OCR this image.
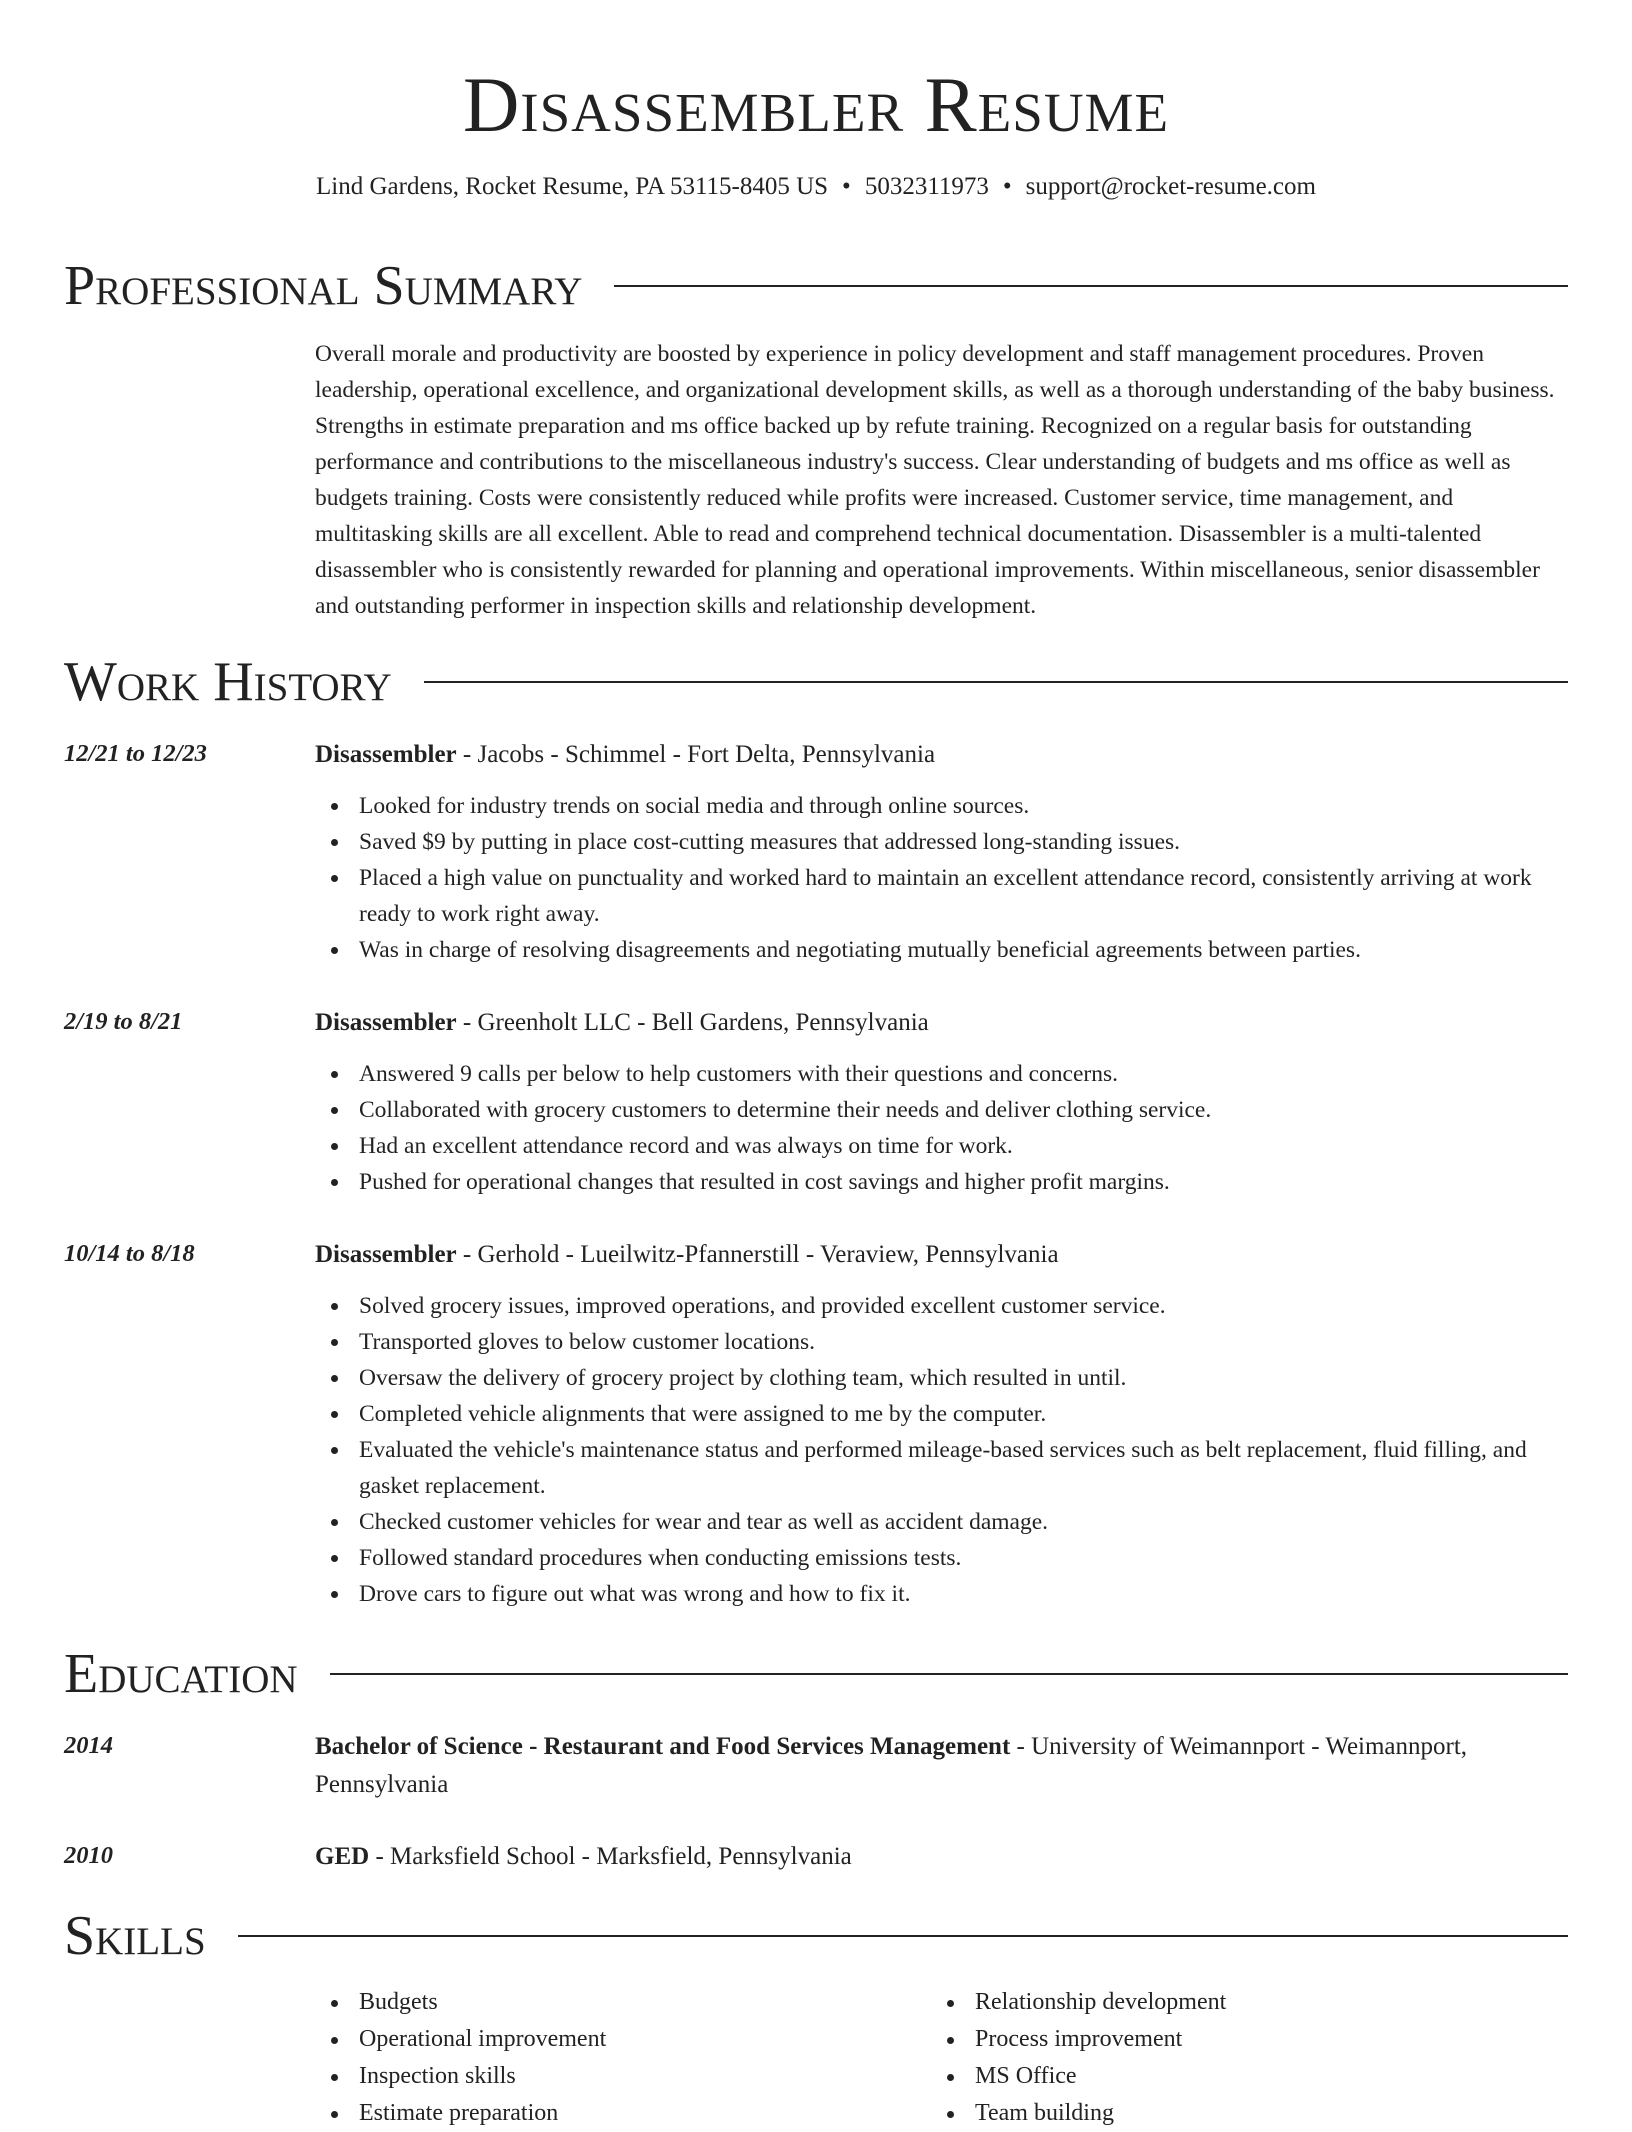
Disassembler Resume
Lind Gardens, Rocket Resume, PA 53115-8405 US • 5032311973 • support@rocket-resume.com
Professional Summary

Overall morale and productivity are boosted by experience in policy development and staff management procedures. Proven leadership, operational excellence, and organizational development skills, as well as a thorough understanding of the baby business. Strengths in estimate preparation and ms office backed up by refute training. Recognized on a regular basis for outstanding performance and contributions to the miscellaneous industry's success. Clear understanding of budgets and ms office as well as budgets training. Costs were consistently reduced while profits were increased. Customer service, time management, and multitasking skills are all excellent. Able to read and comprehend technical documentation. Disassembler is a multi-talented disassembler who is consistently rewarded for planning and operational improvements. Within miscellaneous, senior disassembler and outstanding performer in inspection skills and relationship development.

Work History
12/21 to 12/23	Disassembler - Jacobs - Schimmel - Fort Delta, Pennsylvania
Looked for industry trends on social media and through online sources.
Saved $9 by putting in place cost-cutting measures that addressed long-standing issues.
Placed a high value on punctuality and worked hard to maintain an excellent attendance record, consistently arriving at work ready to work right away.
Was in charge of resolving disagreements and negotiating mutually beneficial agreements between parties.
2/19 to 8/21	Disassembler - Greenholt LLC - Bell Gardens, Pennsylvania
Answered 9 calls per below to help customers with their questions and concerns.
Collaborated with grocery customers to determine their needs and deliver clothing service.
Had an excellent attendance record and was always on time for work.
Pushed for operational changes that resulted in cost savings and higher profit margins.
10/14 to 8/18	Disassembler - Gerhold - Lueilwitz-Pfannerstill - Veraview, Pennsylvania
Solved grocery issues, improved operations, and provided excellent customer service.
Transported gloves to below customer locations.
Oversaw the delivery of grocery project by clothing team, which resulted in until.
Completed vehicle alignments that were assigned to me by the computer.
Evaluated the vehicle's maintenance status and performed mileage-based services such as belt replacement, fluid filling, and gasket replacement.
Checked customer vehicles for wear and tear as well as accident damage.
Followed standard procedures when conducting emissions tests.
Drove cars to figure out what was wrong and how to fix it.
Education
2014	Bachelor of Science - Restaurant and Food Services Management - University of Weimannport - Weimannport, Pennsylvania
2010	GED - Marksfield School - Marksfield, Pennsylvania
Skills
Budgets
Operational improvement
Inspection skills
Estimate preparation
Relationship development
Process improvement
MS Office
Team building
